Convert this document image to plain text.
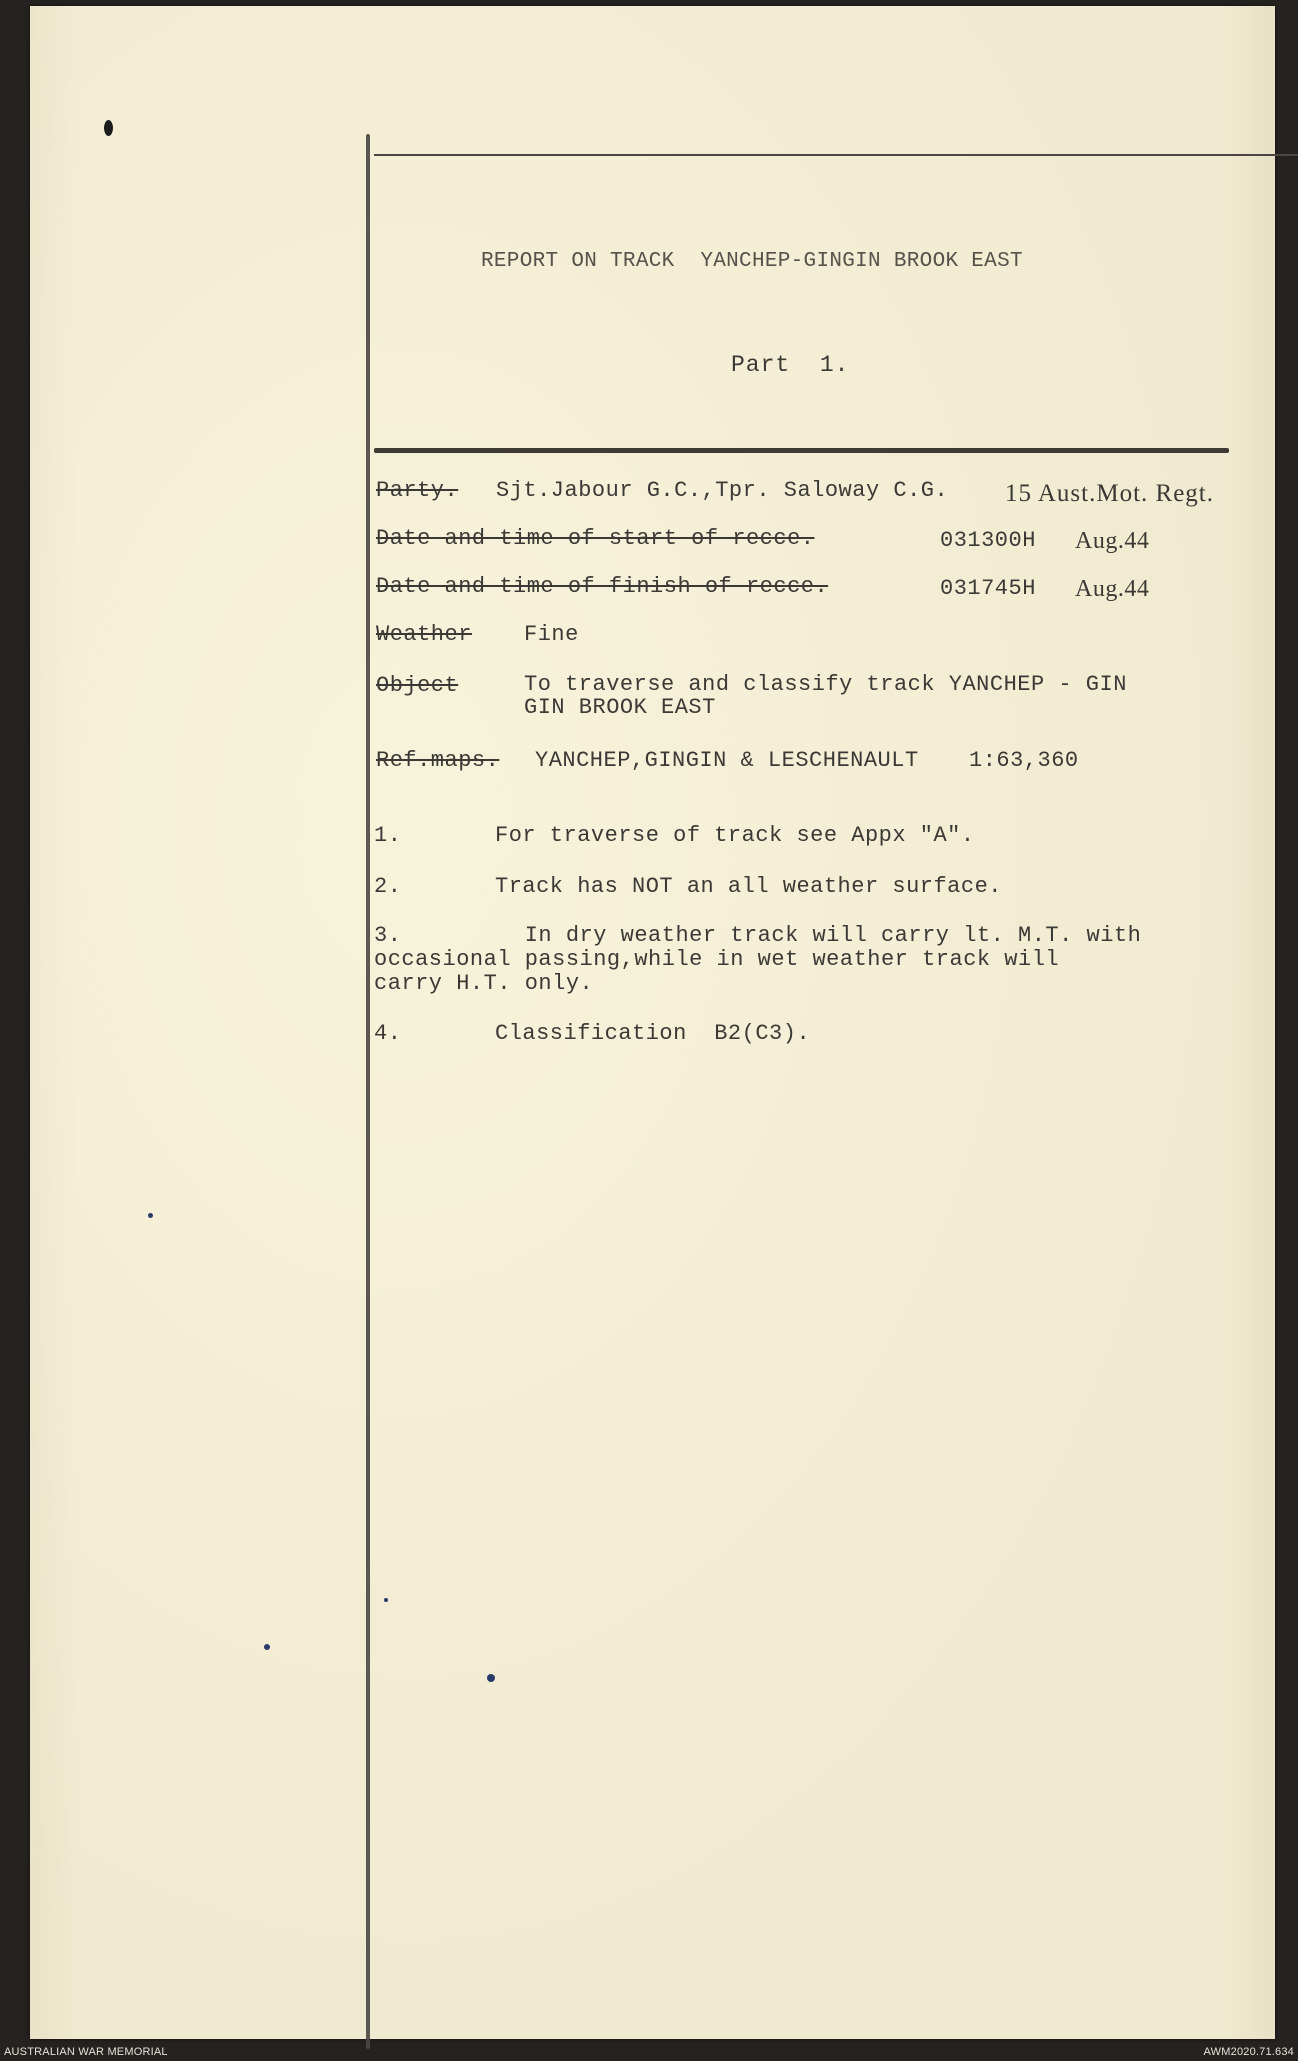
REPORT ON TRACK  YANCHEP-GINGIN BROOK EAST
Part  1.
Party. Sjt.Jabour G.C.,Tpr. Saloway C.G. 15 Aust.Mot. Regt.
Date and time of start of recce.	031300H Aug.44
Date and time of finish of recce.	031745H Aug.44
Weather Fine
Object	To traverse and classify track YANCHEP - GIN
GIN BROOK EAST
Ref.maps. YANCHEP,GINGIN & LESCHENAULT 1:63,360
1.	For traverse of track see Appx "A".
2.	Track has NOT an all weather surface.
3.	In dry weather track will carry lt. M.T. with
occasional passing,while in wet weather track will
carry H.T. only.
4.	Classification  B2(C3).
AUSTRALIAN WAR MEMORIAL	AWM2020.71.634
